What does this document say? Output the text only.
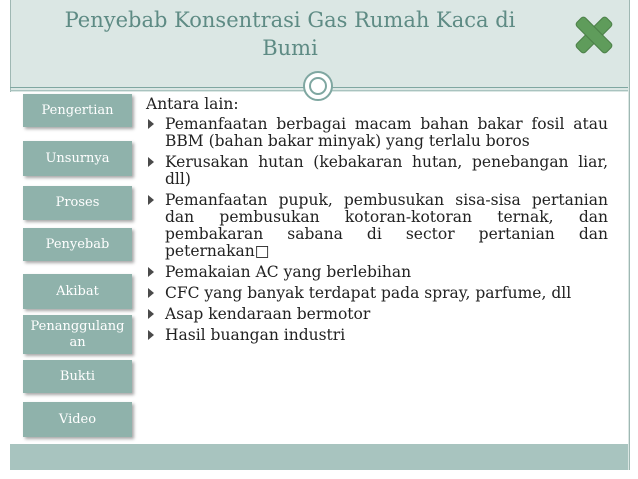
Penyebab Konsentrasi Gas Rumah Kaca di Bumi
Pengertian
Unsurnya
Proses
Penyebab
Akibat
Penanggulang an
Bukti
Video
Antara lain:
Pemanfaatan berbagai macam bahan bakar fosil atau BBM (bahan bakar minyak) yang terlalu boros
Kerusakan hutan (kebakaran hutan, penebangan liar, dll)
Pemanfaatan pupuk, pembusukan sisa-sisa pertanian dan pembusukan kotoran-kotoran ternak, dan pembakaran sabana di sector pertanian dan peternakan□
Pemakaian AC yang berlebihan
CFC yang banyak terdapat pada spray, parfume, dll
Asap kendaraan bermotor
Hasil buangan industri
